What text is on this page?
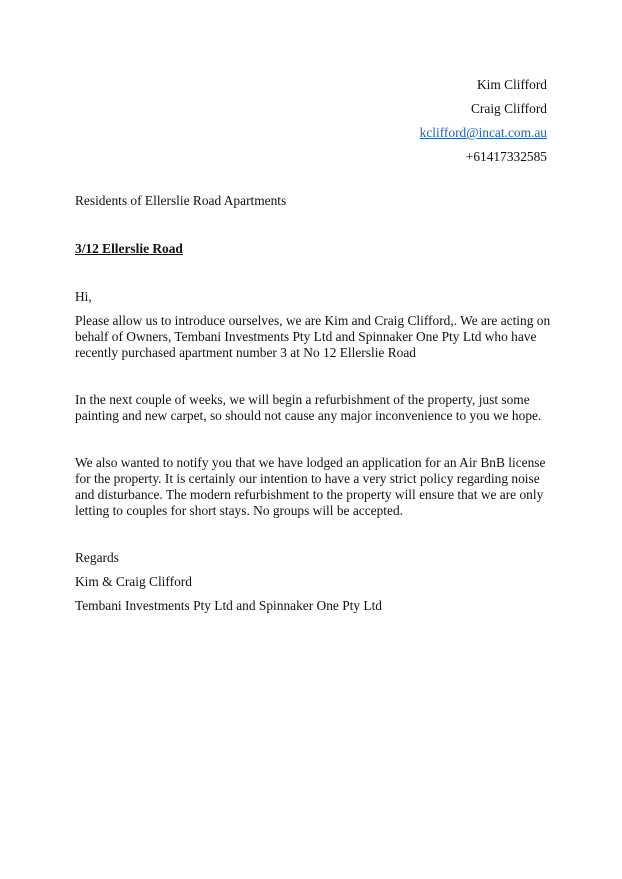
Kim Clifford
Craig Clifford
kclifford@incat.com.au
+61417332585
Residents of Ellerslie Road Apartments
3/12 Ellerslie Road
Hi,
Please allow us to introduce ourselves, we are Kim and Craig Clifford,. We are acting on behalf of Owners, Tembani Investments Pty Ltd and Spinnaker One Pty Ltd who have recently purchased apartment number 3 at No 12 Ellerslie Road
In the next couple of weeks, we will begin a refurbishment of the property, just some painting and new carpet, so should not cause any major inconvenience to you we hope.
We also wanted to notify you that we have lodged an application for an Air BnB license for the property. It is certainly our intention to have a very strict policy regarding noise and disturbance. The modern refurbishment to the property will ensure that we are only letting to couples for short stays. No groups will be accepted.
Regards
Kim & Craig Clifford
Tembani Investments Pty Ltd and Spinnaker One Pty Ltd
